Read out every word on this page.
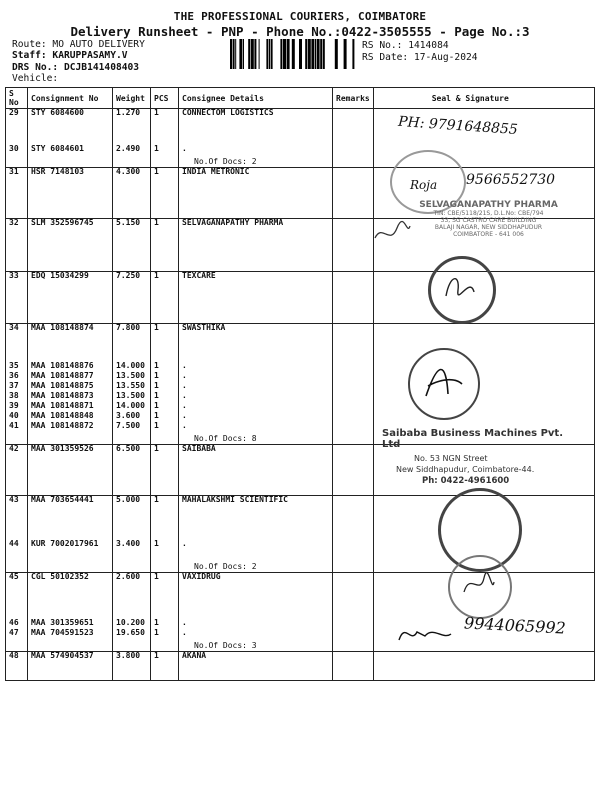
THE PROFESSIONAL COURIERS, COIMBATORE
Delivery Runsheet - PNP - Phone No.:0422-3505555 - Page No.:3
Route: MO AUTO DELIVERY
Staff: KARUPPASAMY.V
DRS No.: DCJB141408403
Vehicle:
RS No.: 1414084
RS Date: 17-Aug-2024
S No	Consignment No	Weight	PCS	Consignee Details	Remarks	Seal & Signature
29	STY 6084600	1.270	1	CONNECTOM LOGISTICS		
30	STY 6084601	2.490	1	.
No.Of Docs: 2		

31	HSR 7148103	4.300	1	INDIA METRONIC		
32	SLM 352596745	5.150	1	SELVAGANAPATHY PHARMA		
33	EDQ 15034299	7.250	1	TEXCARE		
34	MAA 108148874	7.800	1	SWASTHIKA		
35	MAA 108148876	14.000	1	.		
36	MAA 108148877	13.500	1	.		
37	MAA 108148875	13.550	1	.		
38	MAA 108148873	13.500	1	.		
39	MAA 108148871	14.000	1	.		
40	MAA 108148848	3.600	1	.		
41	MAA 108148872	7.500	1	.
No.Of Docs: 8		

42	MAA 301359526	6.500	1	SAIBABA		
43	MAA 703654441	5.000	1	MAHALAKSHMI SCIENTIFIC		
44	KUR 7002017961	3.400	1	.
No.Of Docs: 2		

45	CGL 50102352	2.600	1	VAXIDRUG		
46	MAA 301359651	10.200	1	.		
47	MAA 704591523	19.650	1	.
No.Of Docs: 3		

48	MAA 574904537	3.800	1	AKANA		
PH: 9791648855
Roja 9566552730
SELVAGANAPATHY PHARMA
TIN: CBE/5118/21S, D.L.No: CBE/794
33, SG CASTRO CARE BUILDING
BALAJI NAGAR, NEW SIDDHAPUDUR
COIMBATORE - 641 006
Saibaba Business Machines Pvt. Ltd
No. 53 NGN Street
New Siddhapudur, Coimbatore-44.
Ph: 0422-4961600
9944065992
